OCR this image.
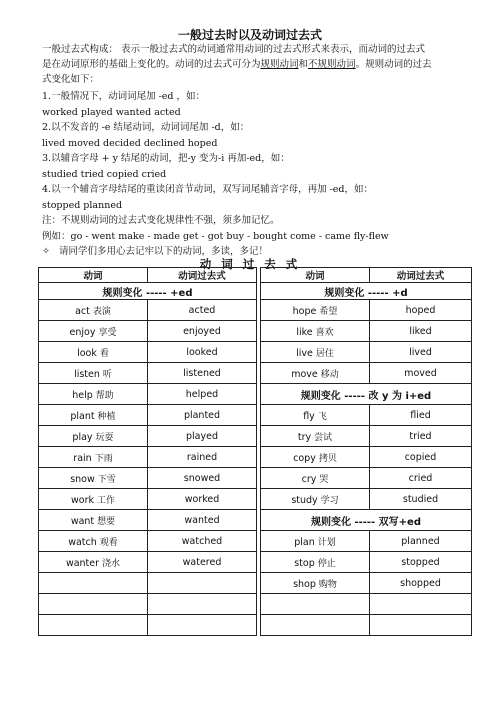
一般过去时以及动词过去式
一般过去式构成： 表示一般过去式的动词通常用动词的过去式形式来表示，而动词的过去式
是在动词原形的基础上变化的。动词的过去式可分为规则动词和不规则动词。规则动词的过去
式变化如下：
1.一般情况下，动词词尾加 -ed ，如：
worked played wanted acted
2.以不发音的 -e 结尾动词，动词词尾加 -d，如：
lived moved decided declined hoped
3.以辅音字母 + y 结尾的动词，把-y 变为-i 再加-ed，如：
studied tried copied cried
4.以一个辅音字母结尾的重读闭音节动词，双写词尾辅音字母，再加 -ed，如：
stopped planned
注：不规则动词的过去式变化规律性不强，须多加记忆。
例如：go - went make - made get - got buy - bought come - came fly-flew
✧ 请同学们多用心去记牢以下的动词，多读，多记！
动 词 过 去 式
动词	动词过去式		动词	动词过去式
规则变化 ----- +ed			规则变化 ----- +d	
act 表演	acted		hope 希望	hoped
enjoy 享受	enjoyed		like 喜欢	liked
look 看	looked		live 居住	lived
listen 听	listened		move 移动	moved
help 帮助	helped		规则变化 ----- 改 y 为 i+ed	
plant 种植	planted		fly 飞	flied
play 玩耍	played		try 尝试	tried
rain 下雨	rained		copy 拷贝	copied
snow 下雪	snowed		cry 哭	cried
work 工作	worked		study 学习	studied
want 想要	wanted		规则变化 ----- 双写+ed	
watch 观看	watched		plan 计划	planned
wanter 浇水	watered		stop 停止	stopped
			shop 购物	shopped
